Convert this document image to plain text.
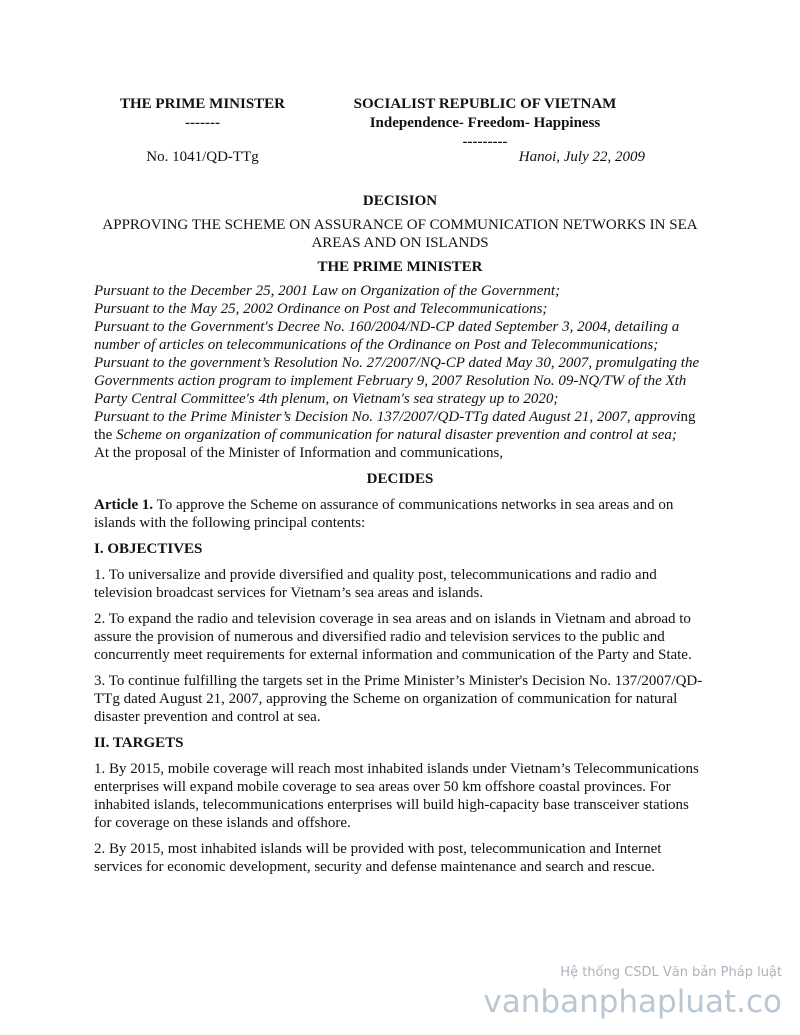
THE PRIME MINISTER
-------
SOCIALIST REPUBLIC OF VIETNAM
Independence- Freedom- Happiness
---------
No. 1041/QD-TTg	Hanoi, July 22, 2009

DECISION

APPROVING THE SCHEME ON ASSURANCE OF COMMUNICATION NETWORKS IN SEA AREAS AND ON ISLANDS

THE PRIME MINISTER

Pursuant to the December 25, 2001 Law on Organization of the Government;

Pursuant to the May 25, 2002 Ordinance on Post and Telecommunications;

Pursuant to the Government's Decree No. 160/2004/ND-CP dated September 3, 2004, detailing a number of articles on telecommunications of the Ordinance on Post and Telecommunications;

Pursuant to the government’s Resolution No. 27/2007/NQ-CP dated May 30, 2007, promulgating the Governments action program to implement February 9, 2007 Resolution No. 09-NQ/TW of the Xth Party Central Committee's 4th plenum, on Vietnam's sea strategy up to 2020;

Pursuant to the Prime Minister’s Decision No. 137/2007/QD-TTg dated August 21, 2007, approving the Scheme on organization of communication for natural disaster prevention and control at sea;

At the proposal of the Minister of Information and communications,

DECIDES

Article 1. To approve the Scheme on assurance of communications networks in sea areas and on islands with the following principal contents:

I. OBJECTIVES

1. To universalize and provide diversified and quality post, telecommunications and radio and television broadcast services for Vietnam’s sea areas and islands.

2. To expand the radio and television coverage in sea areas and on islands in Vietnam and abroad to assure the provision of numerous and diversified radio and television services to the public and concurrently meet requirements for external information and communication of the Party and State.

3. To continue fulfilling the targets set in the Prime Minister’s Minister's Decision No. 137/2007/QD-TTg dated August 21, 2007, approving the Scheme on organization of communication for natural disaster prevention and control at sea.

II. TARGETS

1. By 2015, mobile coverage will reach most inhabited islands under Vietnam’s Telecommunications enterprises will expand mobile coverage to sea areas over 50 km offshore coastal provinces. For inhabited islands, telecommunications enterprises will build high-capacity base transceiver stations for coverage on these islands and offshore.

2. By 2015, most inhabited islands will be provided with post, telecommunication and Internet services for economic development, security and defense maintenance and search and rescue.

Hệ thống CSDL Văn bản Pháp luật
vanbanphapluat.co
